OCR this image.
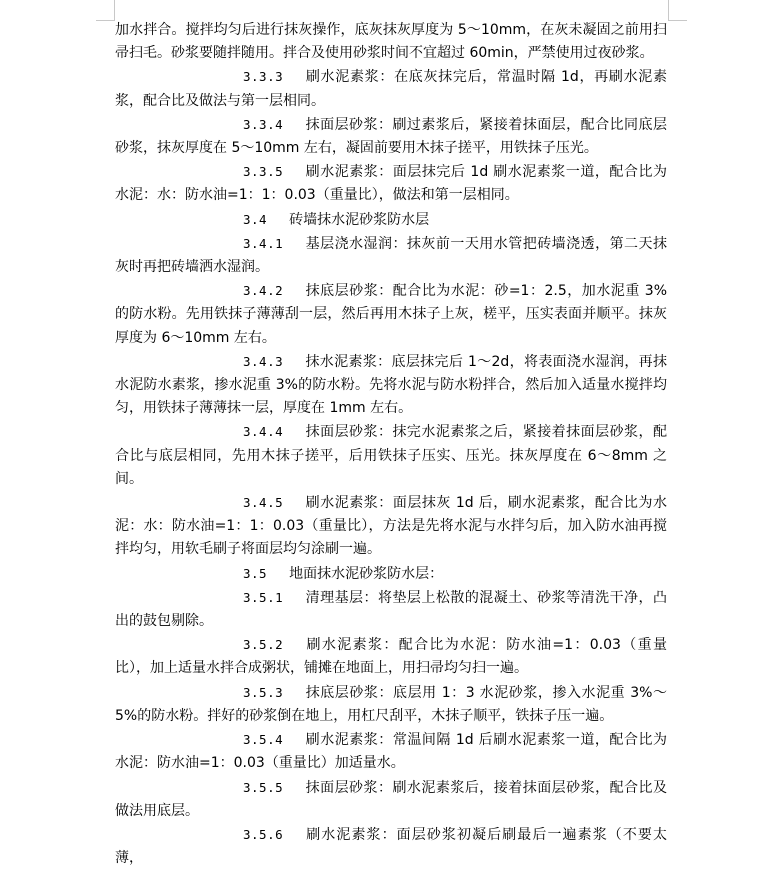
加水拌合。搅拌均匀后进行抹灰操作，底灰抹灰厚度为 5～10mm，在灰未凝固之前用扫帚扫毛。砂浆要随拌随用。拌合及使用砂浆时间不宜超过 60min，严禁使用过夜砂浆。

3.3.3 刷水泥素浆：在底灰抹完后，常温时隔 1d，再刷水泥素浆，配合比及做法与第一层相同。

3.3.4 抹面层砂浆：刷过素浆后，紧接着抹面层，配合比同底层砂浆，抹灰厚度在 5～10mm 左右，凝固前要用木抹子搓平，用铁抹子压光。

3.3.5 刷水泥素浆：面层抹完后 1d 刷水泥素浆一道，配合比为水泥：水：防水油=1：1：0.03（重量比），做法和第一层相同。

3.4 砖墙抹水泥砂浆防水层

3.4.1 基层浇水湿润：抹灰前一天用水管把砖墙浇透，第二天抹灰时再把砖墙洒水湿润。

3.4.2 抹底层砂浆：配合比为水泥：砂=1：2.5，加水泥重 3%的防水粉。先用铁抹子薄薄刮一层，然后再用木抹子上灰，槎平，压实表面并顺平。抹灰厚度为 6～10mm 左右。

3.4.3 抹水泥素浆：底层抹完后 1～2d，将表面浇水湿润，再抹水泥防水素浆，掺水泥重 3%的防水粉。先将水泥与防水粉拌合，然后加入适量水搅拌均匀，用铁抹子薄薄抹一层，厚度在 1mm 左右。

3.4.4 抹面层砂浆：抹完水泥素浆之后，紧接着抹面层砂浆，配合比与底层相同，先用木抹子搓平，后用铁抹子压实、压光。抹灰厚度在 6～8mm 之间。

3.4.5 刷水泥素浆：面层抹灰 1d 后，刷水泥素浆，配合比为水泥：水：防水油=1：1：0.03（重量比），方法是先将水泥与水拌匀后，加入防水油再搅拌均匀，用软毛刷子将面层均匀涂刷一遍。

3.5 地面抹水泥砂浆防水层：

3.5.1 清理基层：将垫层上松散的混凝土、砂浆等清洗干净，凸出的鼓包剔除。

3.5.2 刷水泥素浆：配合比为水泥：防水油=1：0.03（重量比），加上适量水拌合成粥状，铺摊在地面上，用扫帚均匀扫一遍。

3.5.3 抹底层砂浆：底层用 1：3 水泥砂浆，掺入水泥重 3%～5%的防水粉。拌好的砂浆倒在地上，用杠尺刮平，木抹子顺平，铁抹子压一遍。

3.5.4 刷水泥素浆：常温间隔 1d 后刷水泥素浆一道，配合比为水泥：防水油=1：0.03（重量比）加适量水。

3.5.5 抹面层砂浆：刷水泥素浆后，接着抹面层砂浆，配合比及做法用底层。

3.5.6 刷水泥素浆：面层砂浆初凝后刷最后一遍素浆（不要太薄，
